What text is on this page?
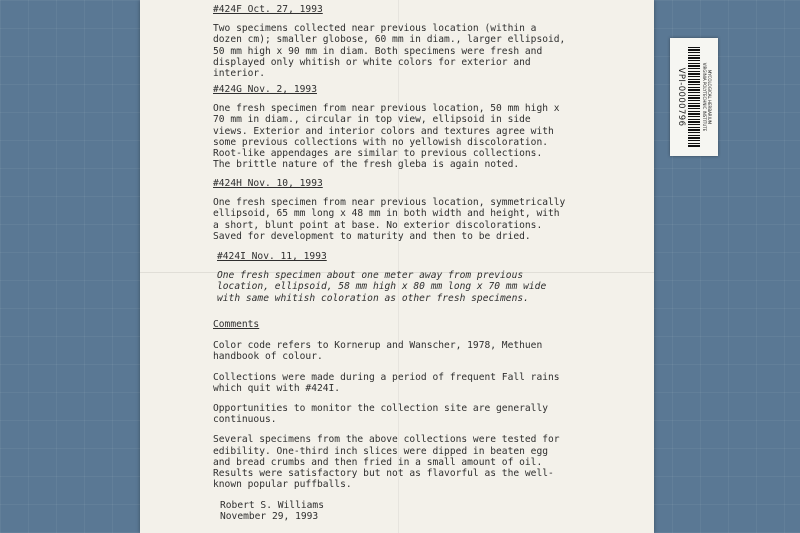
#424F Oct. 27, 1993

Two specimens collected near previous location (within a
dozen cm); smaller globose, 60 mm in diam., larger ellipsoid,
50 mm high x 90 mm in diam. Both specimens were fresh and
displayed only whitish or white colors for exterior and
interior.

#424G Nov. 2, 1993

One fresh specimen from near previous location, 50 mm high x
70 mm in diam., circular in top view, ellipsoid in side
views. Exterior and interior colors and textures agree with
some previous collections with no yellowish discoloration.
Root-like appendages are similar to previous collections.
The brittle nature of the fresh gleba is again noted.

#424H Nov. 10, 1993

One fresh specimen from near previous location, symmetrically
ellipsoid, 65 mm long x 48 mm in both width and height, with
a short, blunt point at base. No exterior discolorations.
Saved for development to maturity and then to be dried.

#424I Nov. 11, 1993

One fresh specimen about one meter away from previous
location, ellipsoid, 58 mm high x 80 mm long x 70 mm wide
with same whitish coloration as other fresh specimens.

Comments

Color code refers to Kornerup and Wanscher, 1978, Methuen
handbook of colour.

Collections were made during a period of frequent Fall rains
which quit with #424I.

Opportunities to monitor the collection site are generally
continuous.

Several specimens from the above collections were tested for
edibility. One-third inch slices were dipped in beaten egg
and bread crumbs and then fried in a small amount of oil.
Results were satisfactory but not as flavorful as the well-
known popular puffballs.

Robert S. Williams
November 29, 1993
MYCOLOGICAL HERBARIUM
VIRGINIA POLYTECHNIC INSTITUTE
VPI-0000796
